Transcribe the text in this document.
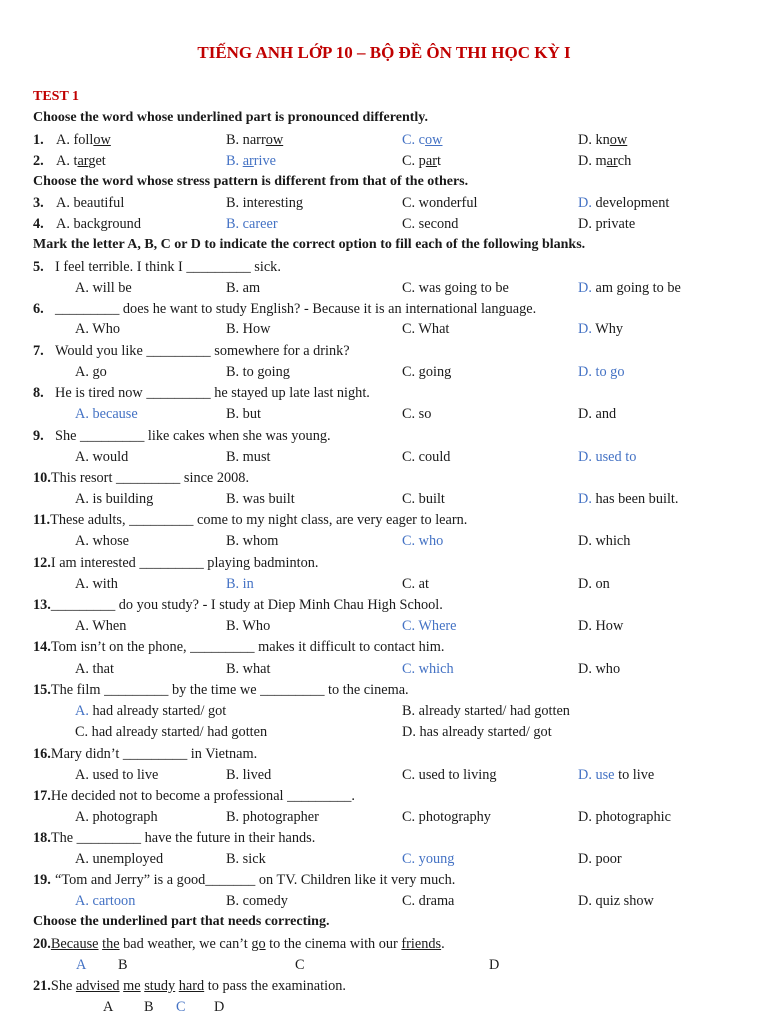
TIẾNG ANH LỚP 10 – BỘ ĐỀ ÔN THI HỌC KỲ I
TEST 1
Choose the word whose underlined part is pronounced differently.
1. A. follow	B. narrow	C. cow	D. know
2. A. target	B. arrive	C. part	D. march
Choose the word whose stress pattern is different from that of the others.
3. A. beautiful	B. interesting	C. wonderful	D. development
4. A. background	B. career	C. second	D. private
Mark the letter A, B, C or D to indicate the correct option to fill each of the following blanks.
5. I feel terrible. I think I _________ sick.
A. will be	B. am	C. was going to be	D. am going to be
6. _________ does he want to study English? - Because it is an international language.
A. Who	B. How	C. What	D. Why
7. Would you like _________ somewhere for a drink?
A. go	B. to going	C. going	D. to go
8. He is tired now _________ he stayed up late last night.
A. because	B. but	C. so	D. and
9. She _________ like cakes when she was young.
A. would	B. must	C. could	D. used to
10.This resort _________ since 2008.
A. is building	B. was built	C. built	D. has been built.
11.These adults, _________ come to my night class, are very eager to learn.
A. whose	B. whom	C. who	D. which
12.I am interested _________ playing badminton.
A. with	B. in	C. at	D. on
13._________ do you study? - I study at Diep Minh Chau High School.
A. When	B. Who	C. Where	D. How
14.Tom isn’t on the phone, _________ makes it difficult to contact him.
A. that	B. what	C. which	D. who
15.The film _________ by the time we _________ to the cinema.
A. had already started/ got	B. already started/ had gotten
C. had already started/ had gotten	D. has already started/ got
16.Mary didn’t _________ in Vietnam.
A. used to live	B. lived	C. used to living	D. use to live
17.He decided not to become a professional _________.
A. photograph	B. photographer	C. photography	D. photographic
18.The _________ have the future in their hands.
A. unemployed	B. sick	C. young	D. poor
19. “Tom and Jerry” is a good_______ on TV. Children like it very much.
A. cartoon	B. comedy	C. drama	D. quiz show
Choose the underlined part that needs correcting.
20.Because the bad weather, we can’t go to the cinema with our friends.
A B	C	D
21.She advised me study hard to pass the examination.
A B C D
